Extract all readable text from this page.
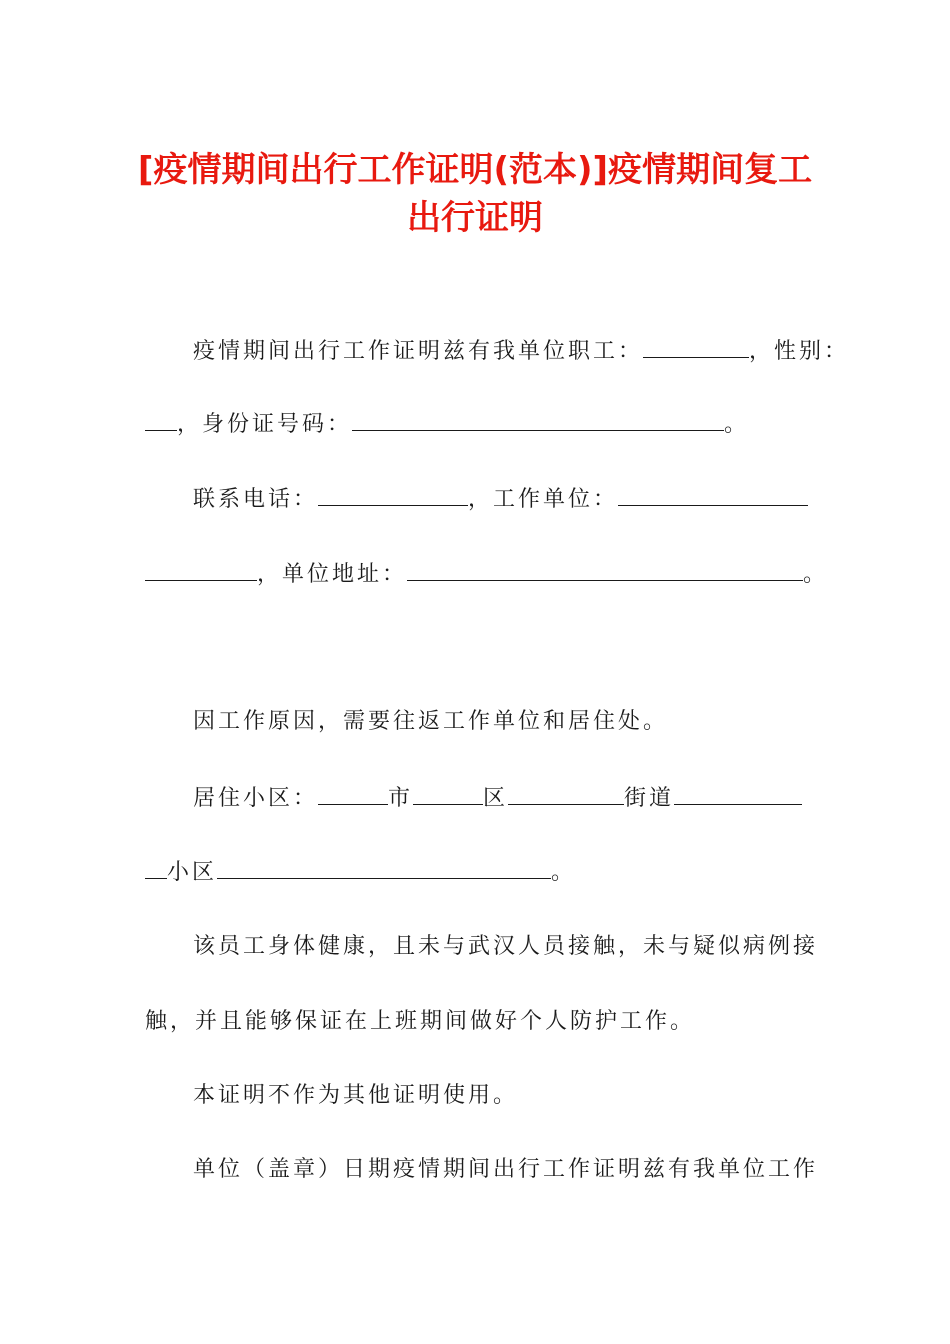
[疫情期间出行工作证明(范本)]疫情期间复工
出行证明
疫情期间出行工作证明兹有我单位职工：	，性别：
，身份证号码：	。
联系电话：	，工作单位：
，单位地址：	。
因工作原因，需要往返工作单位和居住处。
居住小区：	市	区	街道
小区	。
该员工身体健康，且未与武汉人员接触，未与疑似病例接
触，并且能够保证在上班期间做好个人防护工作。
本证明不作为其他证明使用。
单位（盖章）日期疫情期间出行工作证明兹有我单位工作
